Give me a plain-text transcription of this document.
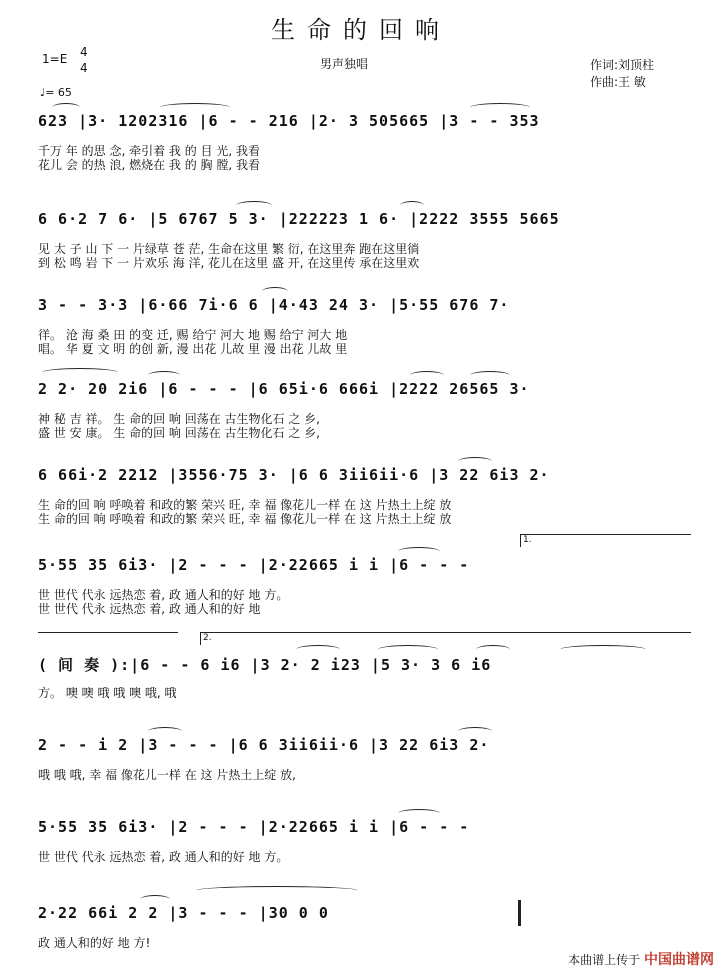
生命的回响
1=E 4
4
♩= 65
男声独唱	作词:刘顶柱
作曲:王 敏
623 |3· 1202316 |6 - - 216 |2· 3 505665 |3 - - 353
千万 年 的思 念, 牵引着 我 的 目 光, 我看
花儿 会 的热 浪, 燃烧在 我 的 胸 膛, 我看
6 6·2 7 6· |5 6767 5 3· |222223 1 6· |2222 3555 5665
见 太 子 山 下 一 片绿草 苍 茫, 生命在这里 繁 衍, 在这里奔 跑在这里徜
到 松 鸣 岩 下 一 片欢乐 海 洋, 花儿在这里 盛 开, 在这里传 承在这里欢
3 - - 3·3 |6·66 7i·6 6 |4·43 24 3· |5·55 676 7·
徉。 沧 海 桑 田 的变 迁, 赐 给宁 河大 地 赐 给宁 河大 地
唱。 华 夏 文 明 的创 新, 漫 出花 儿故 里 漫 出花 儿故 里
2 2· 20 2i6 |6 - - - |6 65i·6 666i |2222 26565 3·
神 秘 吉 祥。 生 命的回 响 回荡在 古生物化石 之 乡,
盛 世 安 康。 生 命的回 响 回荡在 古生物化石 之 乡,
6 66i·2 2212 |3556·75 3· |6 6 3ii6ii·6 |3 22 6i3 2·
生 命的回 响 呼唤着 和政的繁 荣兴 旺, 幸 福 像花儿一样 在 这 片热土上绽 放
生 命的回 响 呼唤着 和政的繁 荣兴 旺, 幸 福 像花儿一样 在 这 片热土上绽 放
1.
5·55 35 6i3· |2 - - - |2·22665 i i |6 - - -
世 世代 代永 远热恋 着, 政 通人和的好 地 方。
世 世代 代永 远热恋 着, 政 通人和的好 地
2.
( 间 奏 ):|6 - - 6 i6 |3 2· 2 i23 |5 3· 3 6 i6
方。 噢 噢 哦 哦 噢 哦, 哦
2 - - i 2 |3 - - - |6 6 3ii6ii·6 |3 22 6i3 2·
哦 哦 哦, 幸 福 像花儿一样 在 这 片热土上绽 放,
5·55 35 6i3· |2 - - - |2·22665 i i |6 - - -
世 世代 代永 远热恋 着, 政 通人和的好 地 方。
2·22 66i 2 2 |3 - - - |30 0 0
政 通人和的好 地 方!
本曲谱上传于 中国曲谱网
